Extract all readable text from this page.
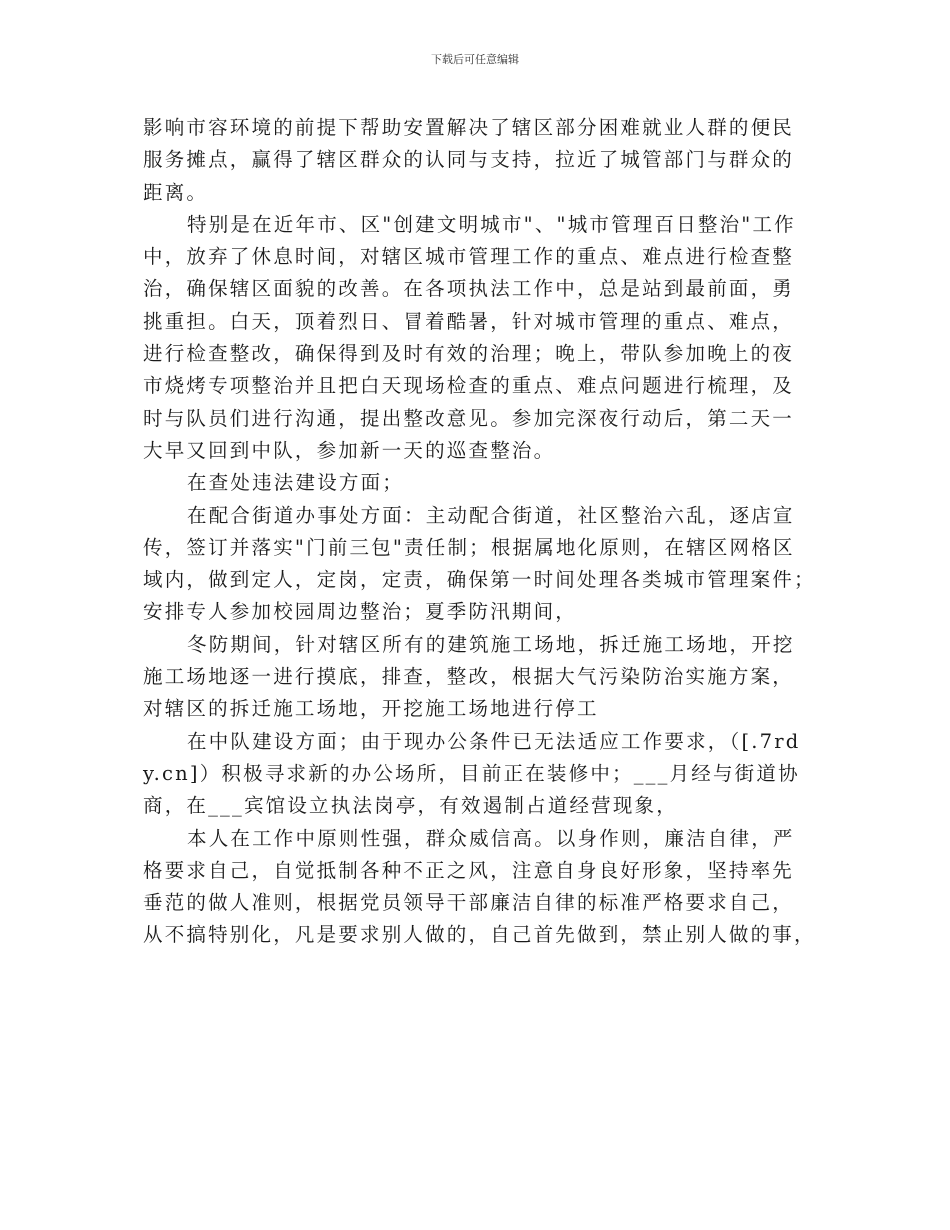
下载后可任意编辑
影响市容环境的前提下帮助安置解决了辖区部分困难就业人群的便民
服务摊点，赢得了辖区群众的认同与支持，拉近了城管部门与群众的
距离。
特别是在近年市、区"创建文明城市"、"城市管理百日整治"工作
中，放弃了休息时间，对辖区城市管理工作的重点、难点进行检查整
治，确保辖区面貌的改善。在各项执法工作中，总是站到最前面，勇
挑重担。白天，顶着烈日、冒着酷暑，针对城市管理的重点、难点，
进行检查整改，确保得到及时有效的治理；晚上，带队参加晚上的夜
市烧烤专项整治并且把白天现场检查的重点、难点问题进行梳理，及
时与队员们进行沟通，提出整改意见。参加完深夜行动后，第二天一
大早又回到中队，参加新一天的巡查整治。
在查处违法建设方面；
在配合街道办事处方面：主动配合街道，社区整治六乱，逐店宣
传，签订并落实"门前三包"责任制；根据属地化原则，在辖区网格区
域内，做到定人，定岗，定责，确保第一时间处理各类城市管理案件；
安排专人参加校园周边整治；夏季防汛期间，
冬防期间，针对辖区所有的建筑施工场地，拆迁施工场地，开挖
施工场地逐一进行摸底，排查，整改，根据大气污染防治实施方案，
对辖区的拆迁施工场地，开挖施工场地进行停工
在中队建设方面；由于现办公条件已无法适应工作要求，（[.7rd
y.cn]）积极寻求新的办公场所，目前正在装修中；___月经与街道协
商，在___宾馆设立执法岗亭，有效遏制占道经营现象，
本人在工作中原则性强，群众威信高。以身作则，廉洁自律，严
格要求自己，自觉抵制各种不正之风，注意自身良好形象，坚持率先
垂范的做人准则，根据党员领导干部廉洁自律的标准严格要求自己，
从不搞特别化，凡是要求别人做的，自己首先做到，禁止别人做的事，
